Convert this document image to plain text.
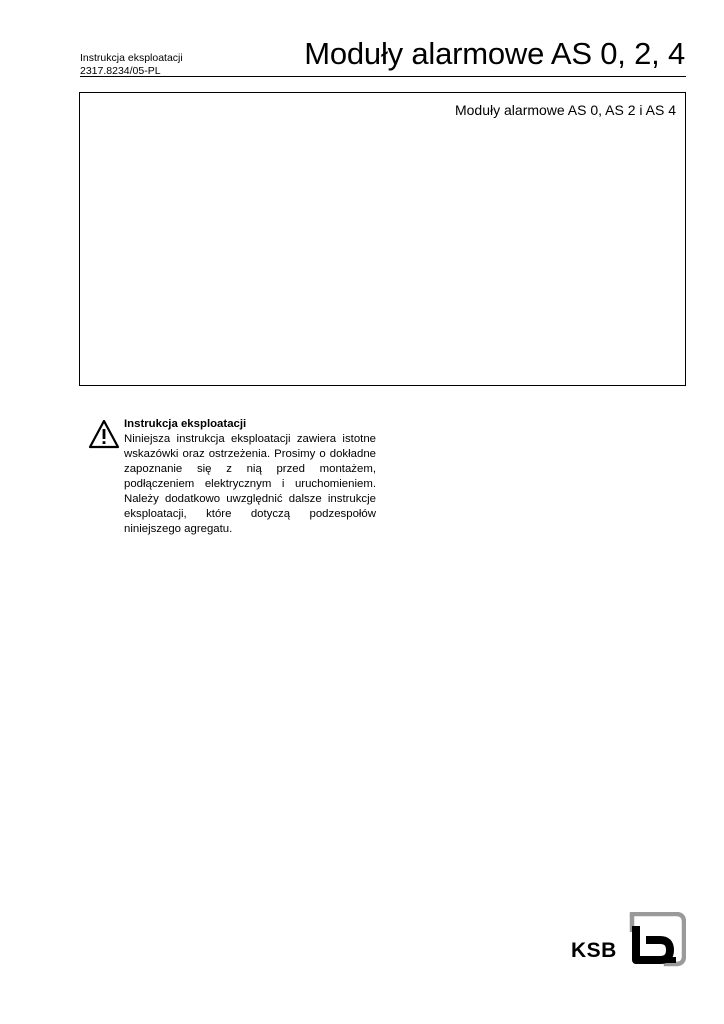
Instrukcja eksploatacji
2317.8234/05-PL	Moduły alarmowe AS 0, 2, 4
Moduły alarmowe AS 0, AS 2 i AS 4
Instrukcja eksploatacji
Niniejsza instrukcja eksploatacji zawiera istotne wskazówki oraz ostrzeżenia. Prosimy o dokładne zapoznanie się z nią przed montażem, podłączeniem elektrycznym i uruchomieniem. Należy dodatkowo uwzględnić dalsze instrukcje eksploatacji, które dotyczą podzespołów niniejszego agregatu.
KSB
